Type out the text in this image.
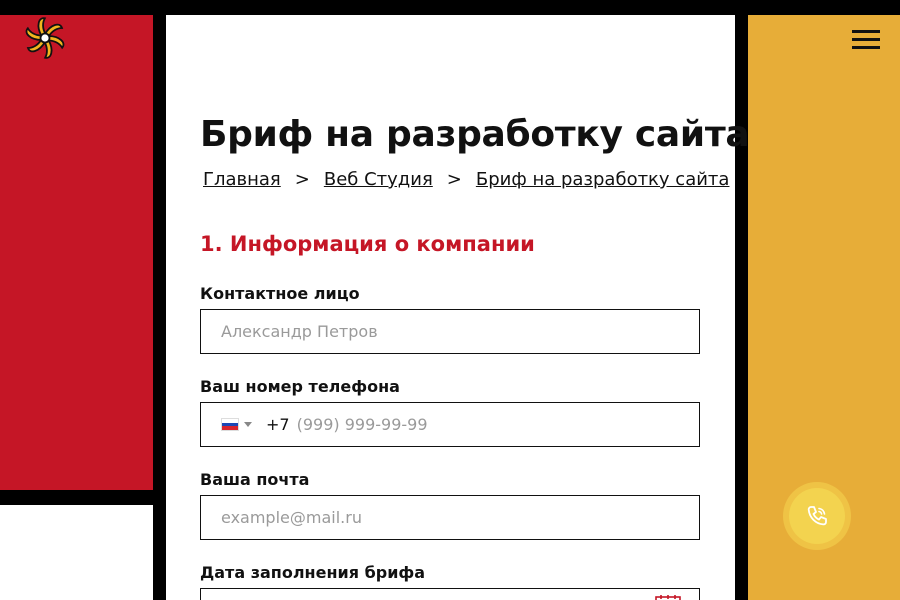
Бриф на разработку сайта
Главная > Веб Студия > Бриф на разработку сайта
1. Информация о компании
Контактное лицо
Александр Петров
Ваш номер телефона
+7
(999) 999-99-99
Ваша почта
example@mail.ru
Дата заполнения брифа
